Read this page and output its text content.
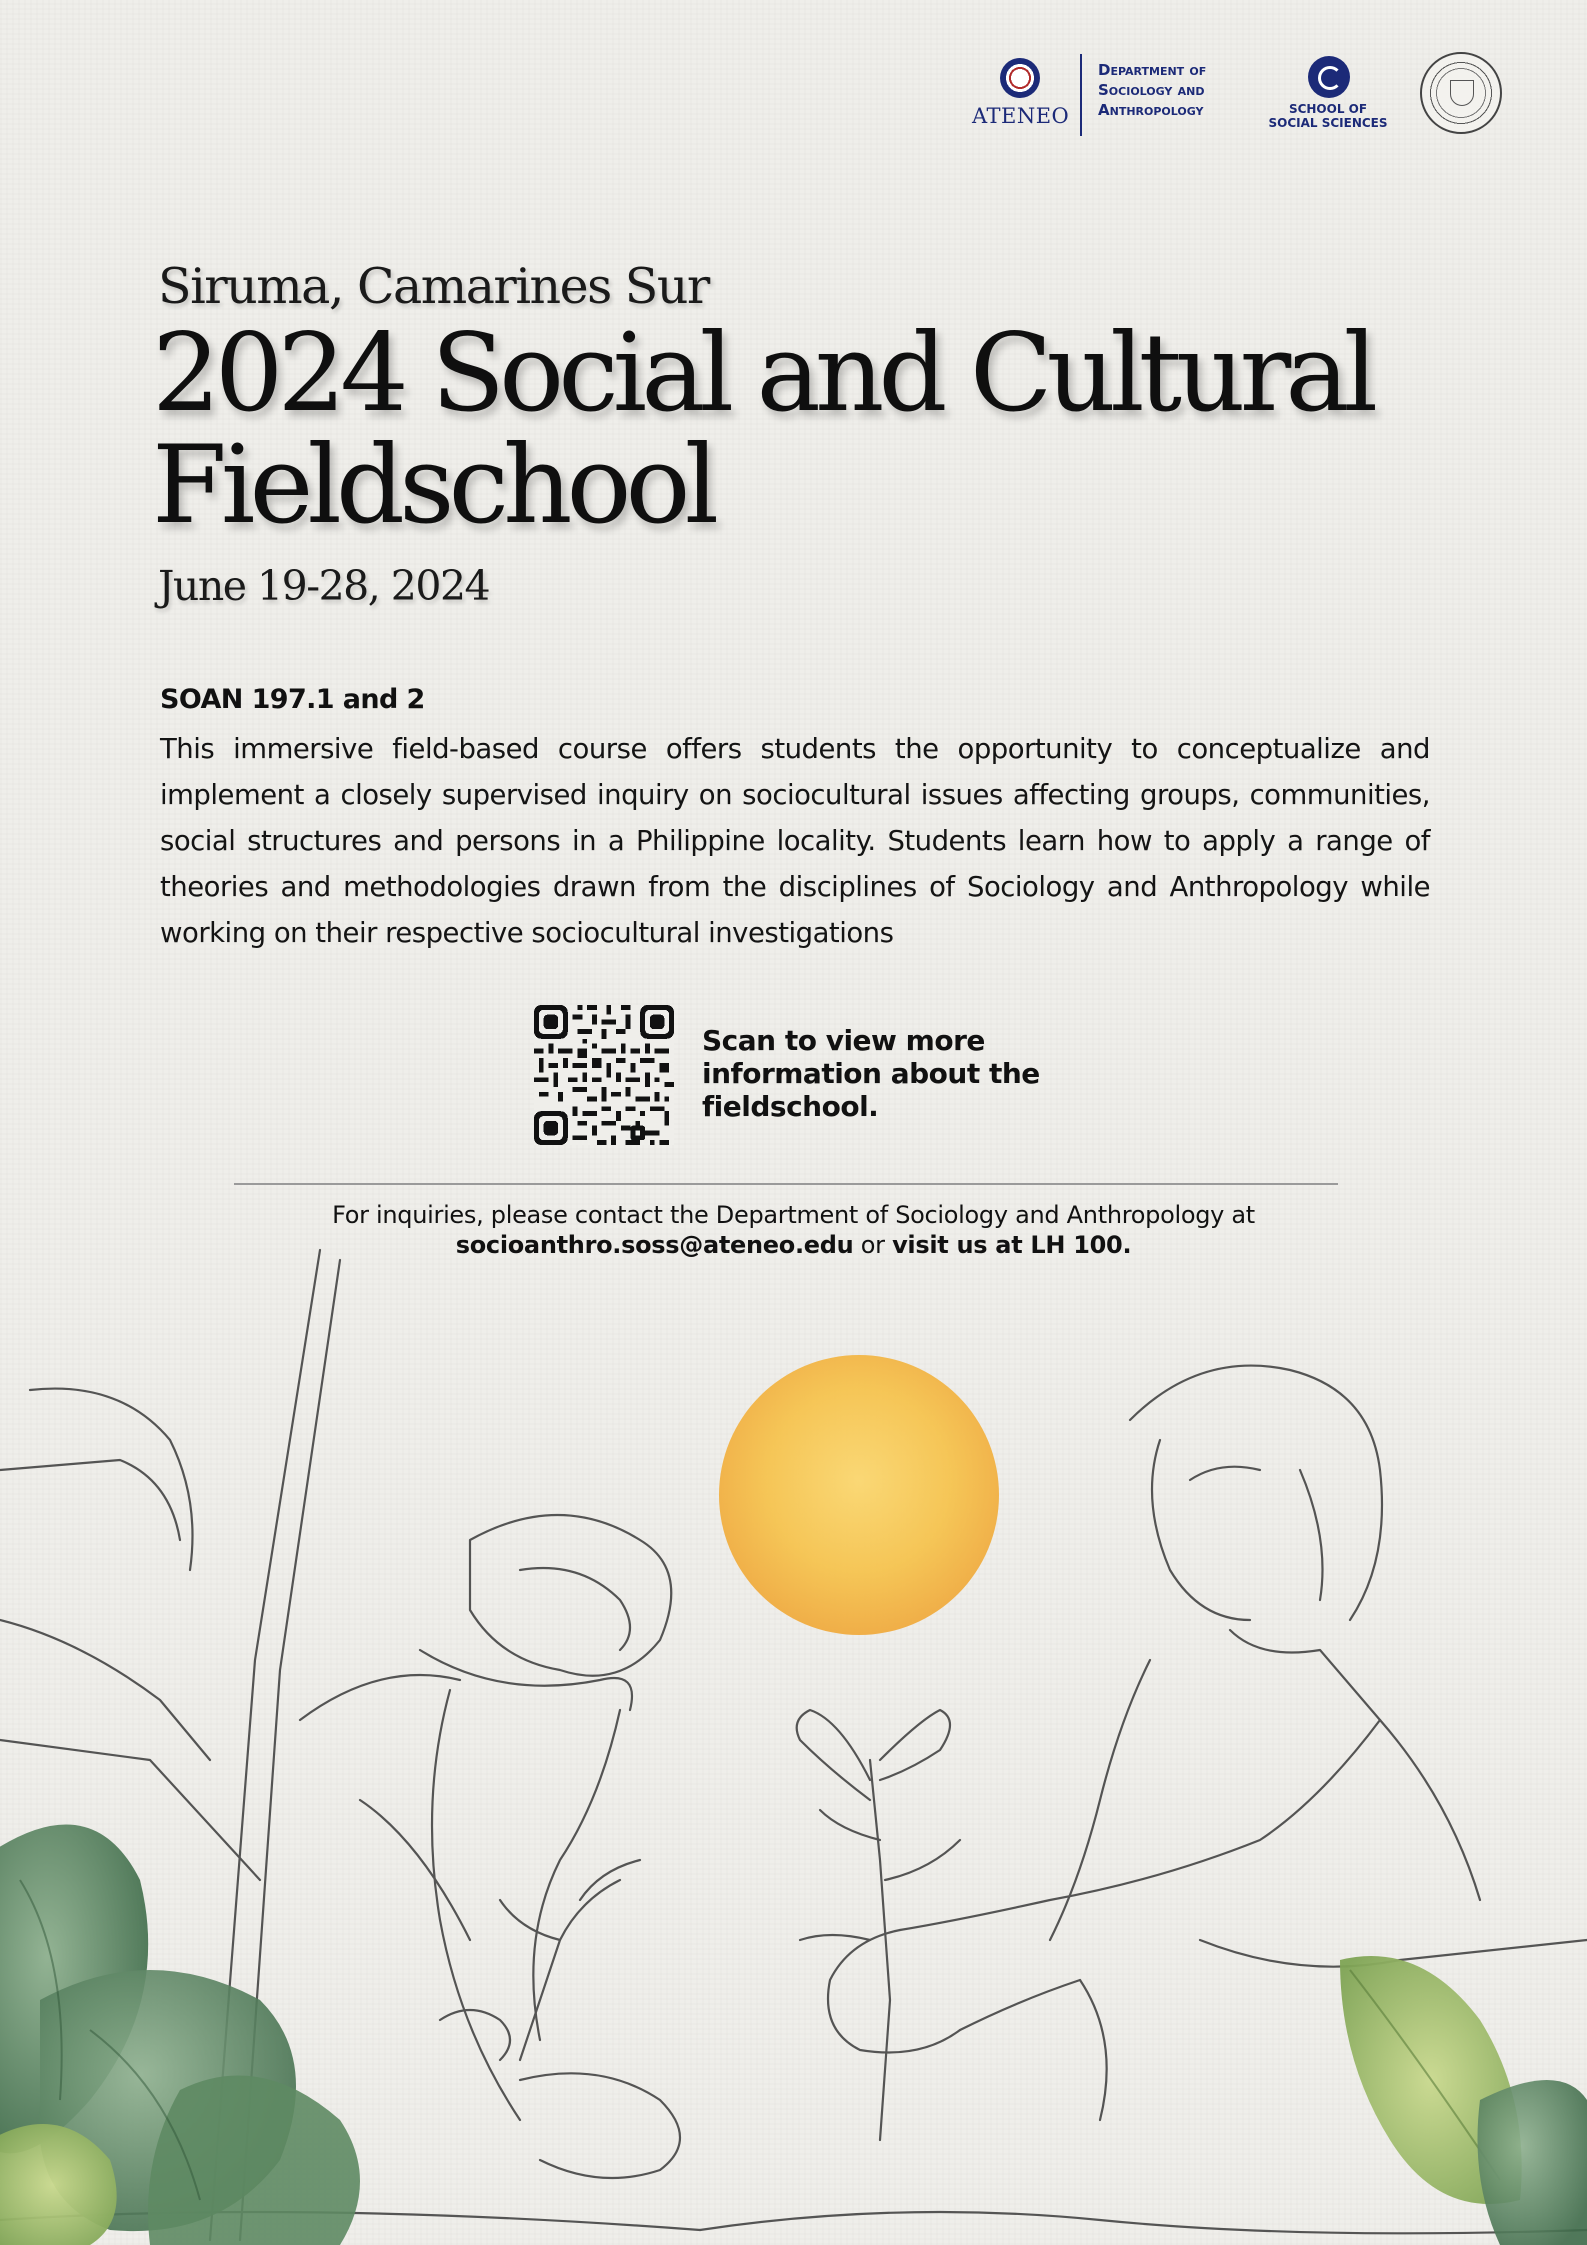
ATENEO
Department of Sociology and Anthropology	SCHOOL OF SOCIAL SCIENCES
Siruma, Camarines Sur
2024 Social and Cultural Fieldschool
June 19-28, 2024
SOAN 197.1 and 2
This immersive field-based course offers students the opportunity to conceptualize and implement a closely supervised inquiry on sociocultural issues affecting groups, communities, social structures and persons in a Philippine locality. Students learn how to apply a range of theories and methodologies drawn from the disciplines of Sociology and Anthropology while working on their respective sociocultural investigations
Scan to view more information about the fieldschool.
For inquiries, please contact the Department of Sociology and Anthropology at
socioanthro.soss@ateneo.edu or visit us at LH 100.
